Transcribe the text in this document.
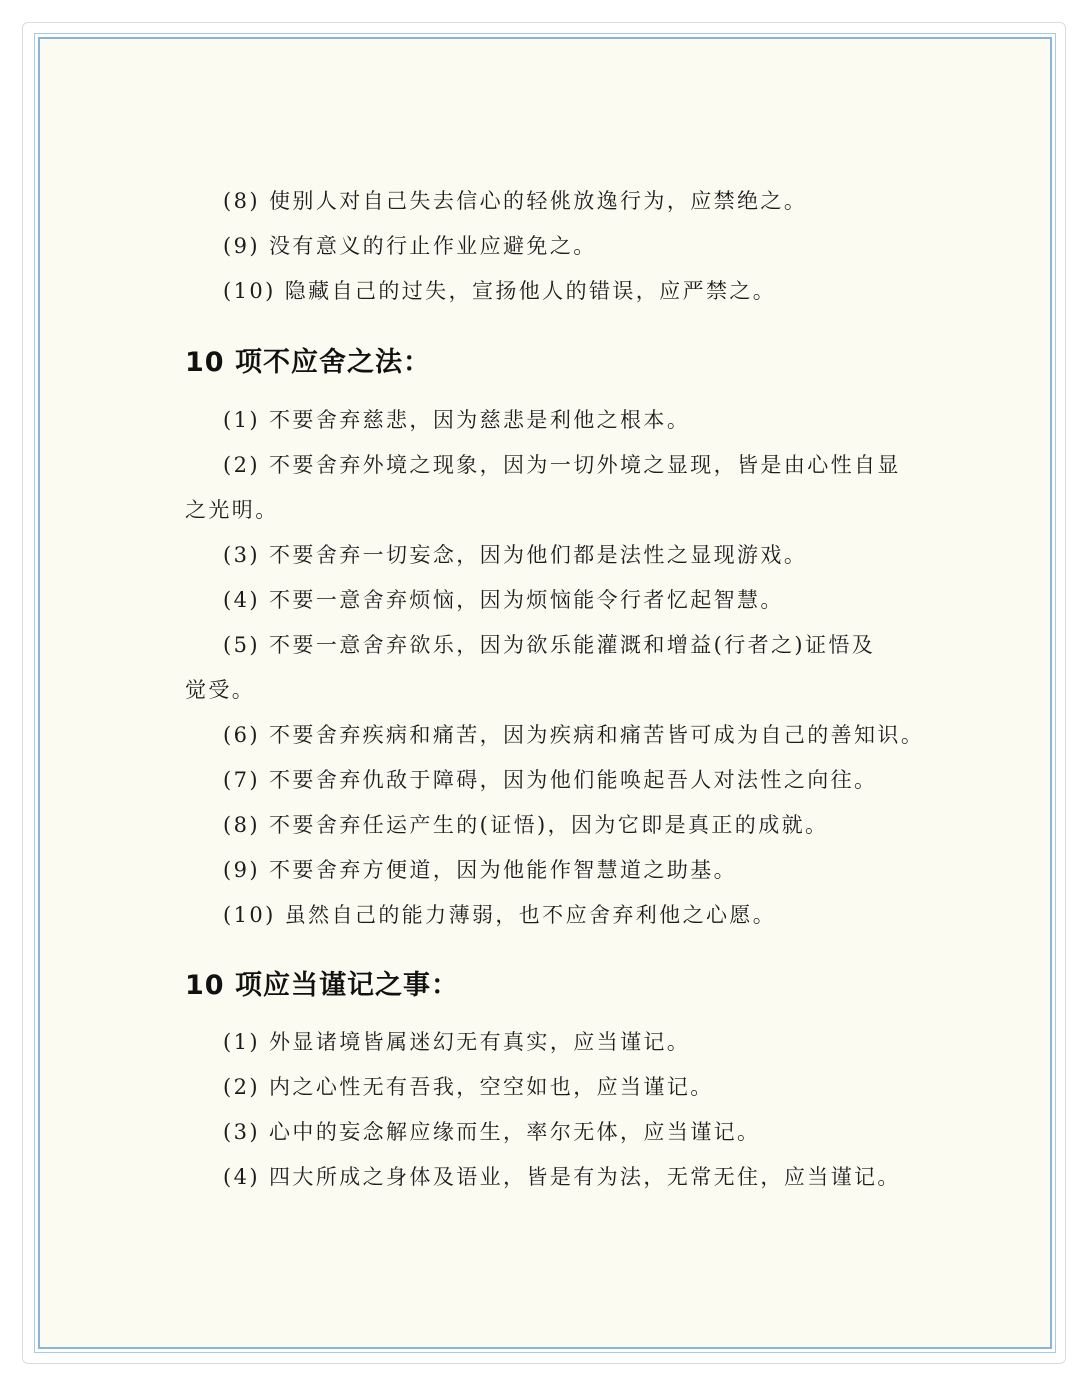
(8) 使别人对自己失去信心的轻佻放逸行为，应禁绝之。
(9) 没有意义的行止作业应避免之。
(10) 隐藏自己的过失，宣扬他人的错误，应严禁之。
10 项不应舍之法：
(1) 不要舍弃慈悲，因为慈悲是利他之根本。
(2) 不要舍弃外境之现象，因为一切外境之显现，皆是由心性自显
之光明。
(3) 不要舍弃一切妄念，因为他们都是法性之显现游戏。
(4) 不要一意舍弃烦恼，因为烦恼能令行者忆起智慧。
(5) 不要一意舍弃欲乐，因为欲乐能灌溉和增益(行者之)证悟及
觉受。
(6) 不要舍弃疾病和痛苦，因为疾病和痛苦皆可成为自己的善知识。
(7) 不要舍弃仇敌于障碍，因为他们能唤起吾人对法性之向往。
(8) 不要舍弃任运产生的(证悟)，因为它即是真正的成就。
(9) 不要舍弃方便道，因为他能作智慧道之助基。
(10) 虽然自己的能力薄弱，也不应舍弃利他之心愿。
10 项应当谨记之事：
(1) 外显诸境皆属迷幻无有真实，应当谨记。
(2) 内之心性无有吾我，空空如也，应当谨记。
(3) 心中的妄念解应缘而生，率尔无体，应当谨记。
(4) 四大所成之身体及语业，皆是有为法，无常无住，应当谨记。
